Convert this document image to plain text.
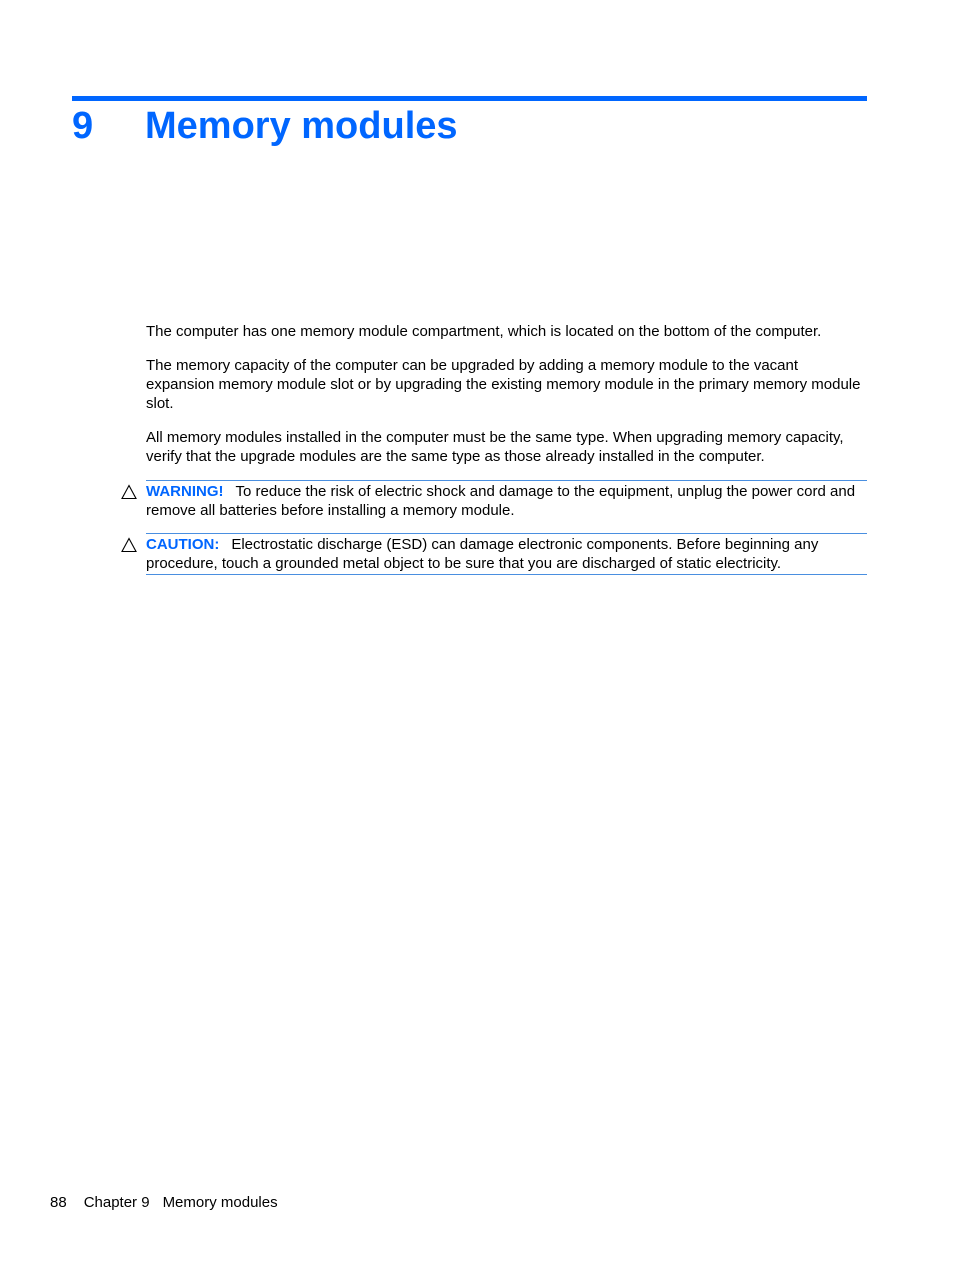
9 Memory modules

The computer has one memory module compartment, which is located on the bottom of the computer.

The memory capacity of the computer can be upgraded by adding a memory module to the vacant expansion memory module slot or by upgrading the existing memory module in the primary memory module slot.

All memory modules installed in the computer must be the same type. When upgrading memory capacity, verify that the upgrade modules are the same type as those already installed in the computer.

WARNING! To reduce the risk of electric shock and damage to the equipment, unplug the power cord and remove all batteries before installing a memory module.
CAUTION: Electrostatic discharge (ESD) can damage electronic components. Before beginning any procedure, touch a grounded metal object to be sure that you are discharged of static electricity.
88 Chapter 9 Memory modules
